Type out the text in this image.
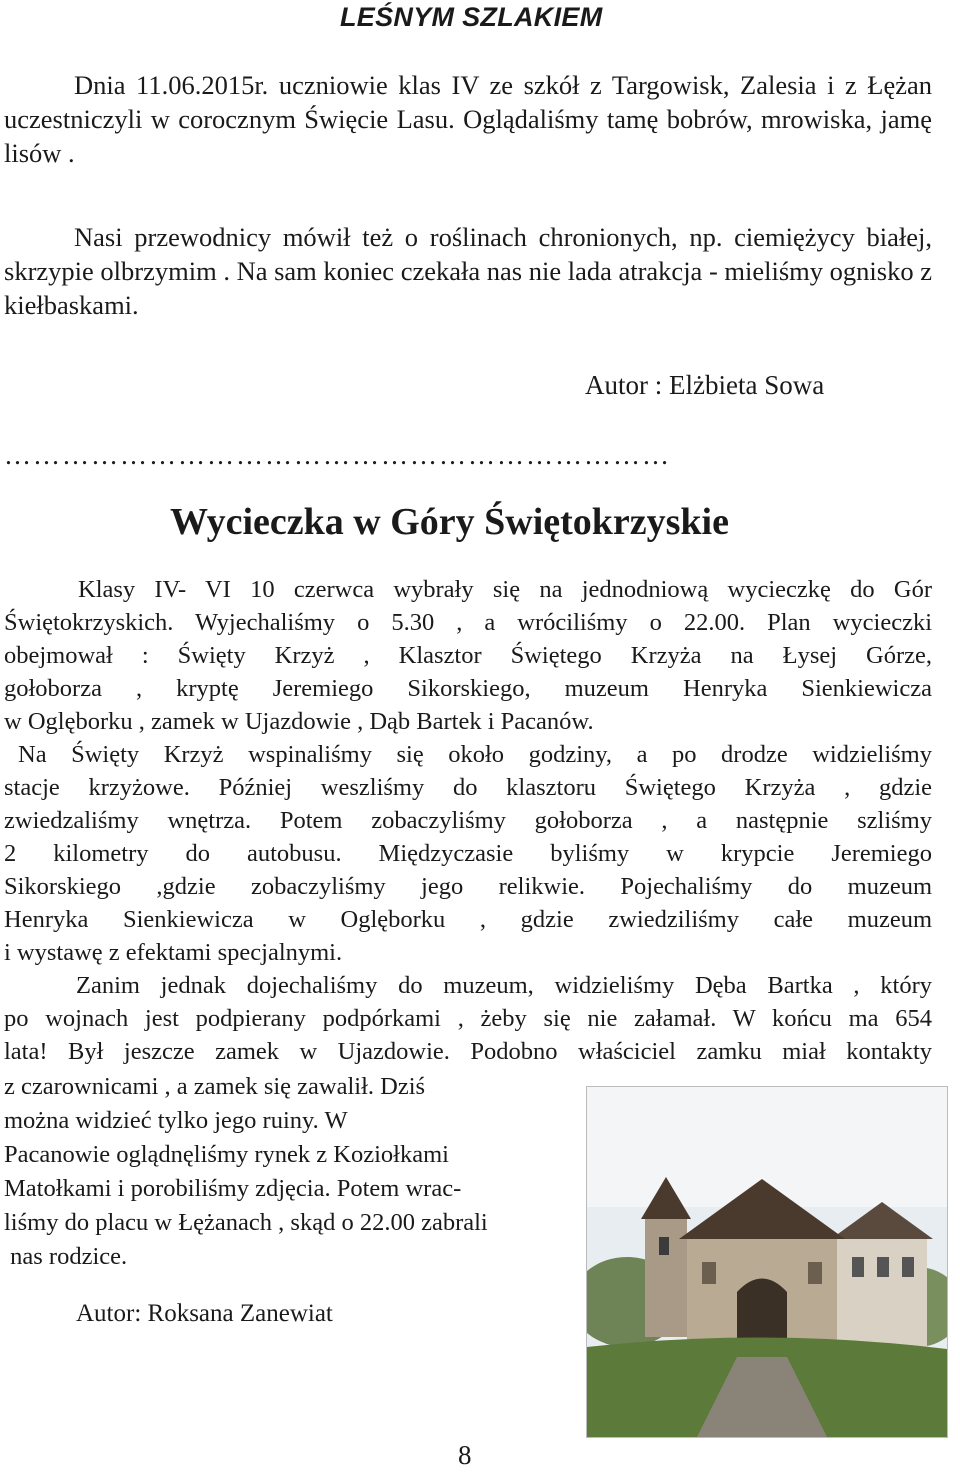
LEŚNYM SZLAKIEM

Dnia 11.06.2015r. uczniowie klas IV ze szkół z Targowisk, Zalesia i z Łężan uczestniczyli w corocznym Święcie Lasu. Oglądaliśmy tamę bobrów, mrowiska, jamę lisów .

Nasi przewodnicy mówił też o roślinach chronionych, np. ciemiężycy białej, skrzypie olbrzymim . Na sam koniec czekała nas nie lada atrakcja - mieliśmy ognisko z kiełbaskami.

Autor : Elżbieta Sowa
……………………………………………………………
Wycieczka w Góry Świętokrzyskie
Klasy IV- VI 10 czerwca wybrały się na jednodniową wycieczkę do Gór
Świętokrzyskich. Wyjechaliśmy o 5.30 , a wróciliśmy o 22.00. Plan wycieczki
obejmował : Święty Krzyż , Klasztor Świętego Krzyża na Łysej Górze,
gołoborza , kryptę Jeremiego Sikorskiego, muzeum Henryka Sienkiewicza
w Oglęborku , zamek w Ujazdowie , Dąb Bartek i Pacanów.
Na Święty Krzyż wspinaliśmy się około godziny, a po drodze widzieliśmy
stacje krzyżowe. Później weszliśmy do klasztoru Świętego Krzyża , gdzie
zwiedzaliśmy wnętrza. Potem zobaczyliśmy gołoborza , a następnie szliśmy
2 kilometry do autobusu. Międzyczasie byliśmy w krypcie Jeremiego
Sikorskiego ,gdzie zobaczyliśmy jego relikwie. Pojechaliśmy do muzeum
Henryka Sienkiewicza w Oglęborku , gdzie zwiedziliśmy całe muzeum
i wystawę z efektami specjalnymi.
Zanim jednak dojechaliśmy do muzeum, widzieliśmy Dęba Bartka , który
po wojnach jest podpierany podpórkami , żeby się nie załamał. W końcu ma 654
lata! Był jeszcze zamek w Ujazdowie. Podobno właściciel zamku miał kontakty
z czarownicami , a zamek się zawalił. Dziś
można widzieć tylko jego ruiny. W
Pacanowie oglądnęliśmy rynek z Koziołkami
Matołkami i porobiliśmy zdjęcia. Potem wrac-
liśmy do placu w Łężanach , skąd o 22.00 zabrali
nas rodzice.
Autor: Roksana Zanewiat
8
